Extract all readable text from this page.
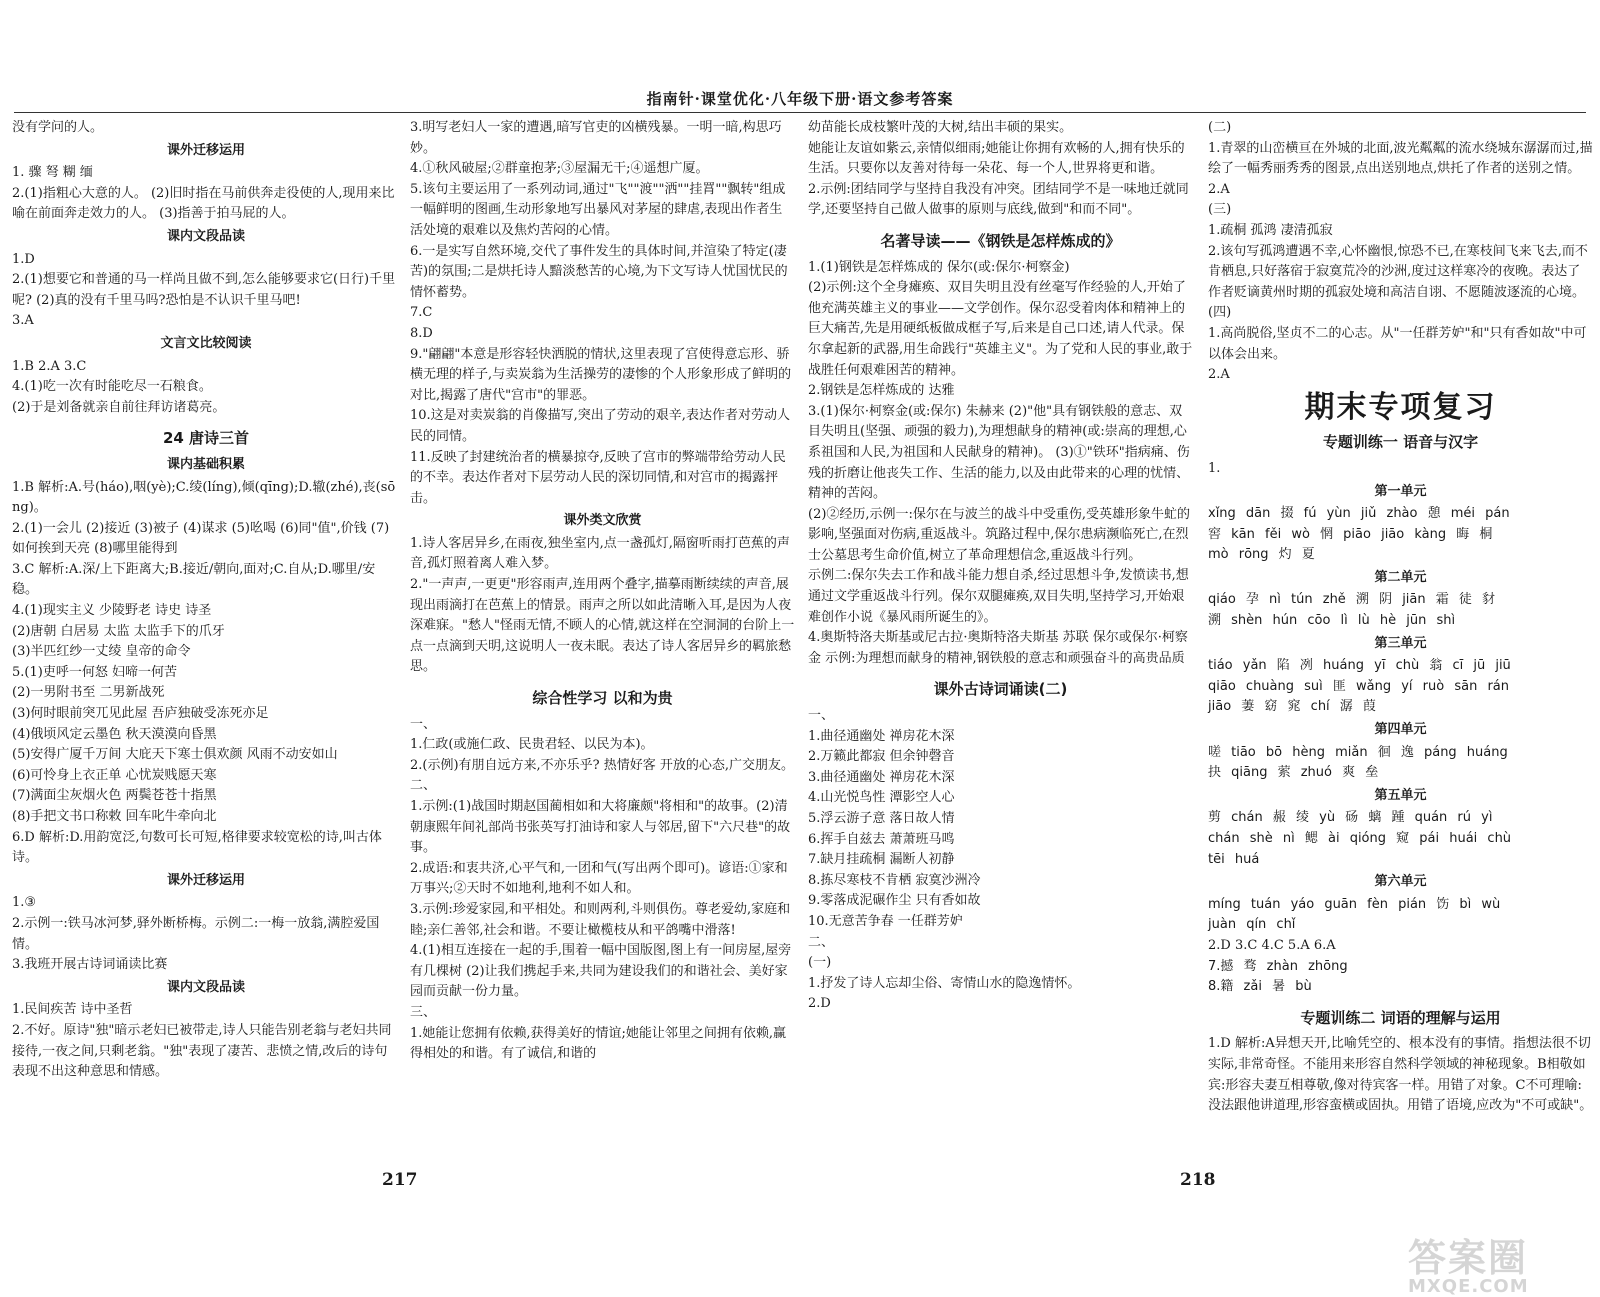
指南针·课堂优化·八年级下册·语文参考答案
没有学问的人。
课外迁移运用
1. 骤 弩 糊 缅
2.(1)指粗心大意的人。 (2)旧时指在马前供奔走役使的人,现用来比喻在前面奔走效力的人。 (3)指善于拍马屁的人。
课内文段品读
1.D
2.(1)想要它和普通的马一样尚且做不到,怎么能够要求它(日行)千里呢? (2)真的没有千里马吗?恐怕是不认识千里马吧!
3.A
文言文比较阅读
1.B 2.A 3.C
4.(1)吃一次有时能吃尽一石粮食。
(2)于是刘备就亲自前往拜访诸葛亮。
24 唐诗三首
课内基础积累
1.B 解析:A.号(háo),咽(yè);C.绫(líng),倾(qīng);D.辙(zhé),丧(sōng)。
2.(1)一会儿 (2)接近 (3)被子 (4)谋求 (5)吆喝 (6)同"值",价钱 (7)如何挨到天亮 (8)哪里能得到
3.C 解析:A.深/上下距离大;B.接近/朝向,面对;C.自从;D.哪里/安稳。
4.(1)现实主义 少陵野老 诗史 诗圣
(2)唐朝 白居易 太监 太监手下的爪牙
(3)半匹红纱一丈绫 皇帝的命令
5.(1)吏呼一何怒 妇啼一何苦
(2)一男附书至 二男新战死
(3)何时眼前突兀见此屋 吾庐独破受冻死亦足
(4)俄顷风定云墨色 秋天漠漠向昏黑
(5)安得广厦千万间 大庇天下寒士俱欢颜 风雨不动安如山
(6)可怜身上衣正单 心忧炭贱愿天寒
(7)满面尘灰烟火色 两鬓苍苍十指黑
(8)手把文书口称敕 回车叱牛牵向北
6.D 解析:D.用韵宽泛,句数可长可短,格律要求较宽松的诗,叫古体诗。
课外迁移运用
1.③
2.示例一:铁马冰河梦,驿外断桥梅。示例二:一梅一放翁,满腔爱国情。
3.我班开展古诗词诵读比赛
课内文段品读
1.民间疾苦 诗中圣哲
2.不好。原诗"独"暗示老妇已被带走,诗人只能告别老翁与老妇共同接待,一夜之间,只剩老翁。"独"表现了凄苦、悲愤之情,改后的诗句表现不出这种意思和情感。
3.明写老妇人一家的遭遇,暗写官吏的凶横残暴。一明一暗,构思巧妙。
4.①秋风破屋;②群童抱茅;③屋漏无干;④遥想广厦。
5.该句主要运用了一系列动词,通过"飞""渡""洒""挂罥""飘转"组成一幅鲜明的图画,生动形象地写出暴风对茅屋的肆虐,表现出作者生活处境的艰难以及焦灼苦闷的心情。
6.一是实写自然环境,交代了事件发生的具体时间,并渲染了特定(凄苦)的氛围;二是烘托诗人黯淡愁苦的心境,为下文写诗人忧国忧民的情怀蓄势。
7.C
8.D
9."翩翩"本意是形容轻快洒脱的情状,这里表现了宫使得意忘形、骄横无理的样子,与卖炭翁为生活操劳的凄惨的个人形象形成了鲜明的对比,揭露了唐代"宫市"的罪恶。
10.这是对卖炭翁的肖像描写,突出了劳动的艰辛,表达作者对劳动人民的同情。
11.反映了封建统治者的横暴掠夺,反映了宫市的弊端带给劳动人民的不幸。表达作者对下层劳动人民的深切同情,和对宫市的揭露抨击。
课外类文欣赏
1.诗人客居异乡,在雨夜,独坐室内,点一盏孤灯,隔窗听雨打芭蕉的声音,孤灯照着离人难入梦。
2."一声声,一更更"形容雨声,连用两个叠字,描摹雨断续续的声音,展现出雨滴打在芭蕉上的情景。雨声之所以如此清晰入耳,是因为人夜深难寐。"愁人"怪雨无情,不顾人的心情,就这样在空洞洞的台阶上一点一点滴到天明,这说明人一夜未眠。表达了诗人客居异乡的羁旅愁思。
综合性学习 以和为贵
一、
1.仁政(或施仁政、民贵君轻、以民为本)。
2.(示例)有朋自远方来,不亦乐乎? 热情好客 开放的心态,广交朋友。
二、
1.示例:(1)战国时期赵国蔺相如和大将廉颇"将相和"的故事。(2)清朝康熙年间礼部尚书张英写打油诗和家人与邻居,留下"六尺巷"的故事。
2.成语:和衷共济,心平气和,一团和气(写出两个即可)。谚语:①家和万事兴;②天时不如地利,地利不如人和。
3.示例:珍爱家园,和平相处。和则两利,斗则俱伤。尊老爱幼,家庭和睦;亲仁善邻,社会和谐。不要让橄榄枝从和平鸽嘴中滑落!
4.(1)相互连接在一起的手,围着一幅中国版图,图上有一间房屋,屋旁有几棵树 (2)让我们携起手来,共同为建设我们的和谐社会、美好家园而贡献一份力量。
三、
1.她能让您拥有依赖,获得美好的情谊;她能让邻里之间拥有依赖,赢得相处的和谐。有了诚信,和谐的
幼苗能长成枝繁叶茂的大树,结出丰硕的果实。
她能让友谊如紫云,亲情似细雨;她能让你拥有欢畅的人,拥有快乐的生活。只要你以友善对待每一朵花、每一个人,世界将更和谐。
2.示例:团结同学与坚持自我没有冲突。团结同学不是一味地迁就同学,还要坚持自己做人做事的原则与底线,做到"和而不同"。
名著导读——《钢铁是怎样炼成的》
1.(1)钢铁是怎样炼成的 保尔(或:保尔·柯察金)
(2)示例:这个全身瘫痪、双目失明且没有丝毫写作经验的人,开始了他充满英雄主义的事业——文学创作。保尔忍受着肉体和精神上的巨大痛苦,先是用硬纸板做成框子写,后来是自己口述,请人代录。保尔拿起新的武器,用生命践行"英雄主义"。为了党和人民的事业,敢于战胜任何艰难困苦的精神。
2.钢铁是怎样炼成的 达雅
3.(1)保尔·柯察金(或:保尔) 朱赫来 (2)"他"具有钢铁般的意志、双目失明且(坚强、顽强的毅力),为理想献身的精神(或:崇高的理想,心系祖国和人民,为祖国和人民献身的精神)。 (3)①"铁环"指病痛、伤残的折磨让他丧失工作、生活的能力,以及由此带来的心理的忧情、精神的苦闷。
(2)②经历,示例一:保尔在与波兰的战斗中受重伤,受英雄形象牛虻的影响,坚强面对伤病,重返战斗。筑路过程中,保尔患病濒临死亡,在烈士公墓思考生命价值,树立了革命理想信念,重返战斗行列。
示例二:保尔失去工作和战斗能力想自杀,经过思想斗争,发愤读书,想通过文学重返战斗行列。保尔双腿瘫痪,双目失明,坚持学习,开始艰难创作小说《暴风雨所诞生的》。
4.奥斯特洛夫斯基或尼古拉·奥斯特洛夫斯基 苏联 保尔或保尔·柯察金 示例:为理想而献身的精神,钢铁般的意志和顽强奋斗的高贵品质
课外古诗词诵读(二)
一、
1.曲径通幽处 禅房花木深
2.万籁此都寂 但余钟磬音
3.曲径通幽处 禅房花木深
4.山光悦鸟性 潭影空人心
5.浮云游子意 落日故人情
6.挥手自兹去 萧萧班马鸣
7.缺月挂疏桐 漏断人初静
8.拣尽寒枝不肯栖 寂寞沙洲冷
9.零落成泥碾作尘 只有香如故
10.无意苦争春 一任群芳妒
二、
(一)
1.抒发了诗人忘却尘俗、寄情山水的隐逸情怀。
2.D
(二)
1.青翠的山峦横亘在外城的北面,波光粼粼的流水绕城东潺潺而过,描绘了一幅秀丽秀秀的图景,点出送别地点,烘托了作者的送别之情。
2.A
(三)
1.疏桐 孤鸿 凄清孤寂
2.该句写孤鸿遭遇不幸,心怀幽恨,惊恐不已,在寒枝间飞来飞去,而不肯栖息,只好落宿于寂寞荒冷的沙洲,度过这样寒冷的夜晚。表达了作者贬谪黄州时期的孤寂处境和高洁自诩、不愿随波逐流的心境。
(四)
1.高尚脱俗,坚贞不二的心志。从"一任群芳妒"和"只有香如故"中可以体会出来。
2.A
期末专项复习
专题训练一 语音与汉字
1.
第一单元
xǐng dān 掇 fú yùn jiǔ zhào 憩 méi pán
窖 kān fěi wò 惘 piāo jiāo kàng 晦 桐
mò rōng 灼 夏
第二单元
qiáo 孕 nì tún zhě 溯 阴 jiān 霜 徒 豺
溯 shèn hún cōo lì lù hè jūn shì
第三单元
tiáo yǎn 陷 冽 huáng yī chù 翁 cī jū jiū
qiāo chuàng suì 匪 wǎng yí ruò sān rán
jiāo 萋 窈 窕 chí 潺 葭
第四单元
嗟 tiāo bō hèng miǎn 徊 逸 páng huáng
抉 qiāng 萦 zhuó 爽 垒
第五单元
剪 chán 赧 绫 yù 砀 螭 踵 quán rú yì
chán shè nì 鳃 ài qióng 窥 pái huái chù
tēi huá
第六单元
míng tuán yáo guān fèn pián 饬 bì wù
juàn qín chǐ
2.D 3.C 4.C 5.A 6.A
7.撼 骛 zhàn zhōng
8.籍 zǎi 暑 bù
专题训练二 词语的理解与运用
1.D 解析:A异想天开,比喻凭空的、根本没有的事情。指想法很不切实际,非常奇怪。不能用来形容自然科学领域的神秘现象。B相敬如宾:形容夫妻互相尊敬,像对待宾客一样。用错了对象。C不可理喻:没法跟他讲道理,形容蛮横或固执。用错了语境,应改为"不可或缺"。
217	218
答案圈
MXQE.COM
